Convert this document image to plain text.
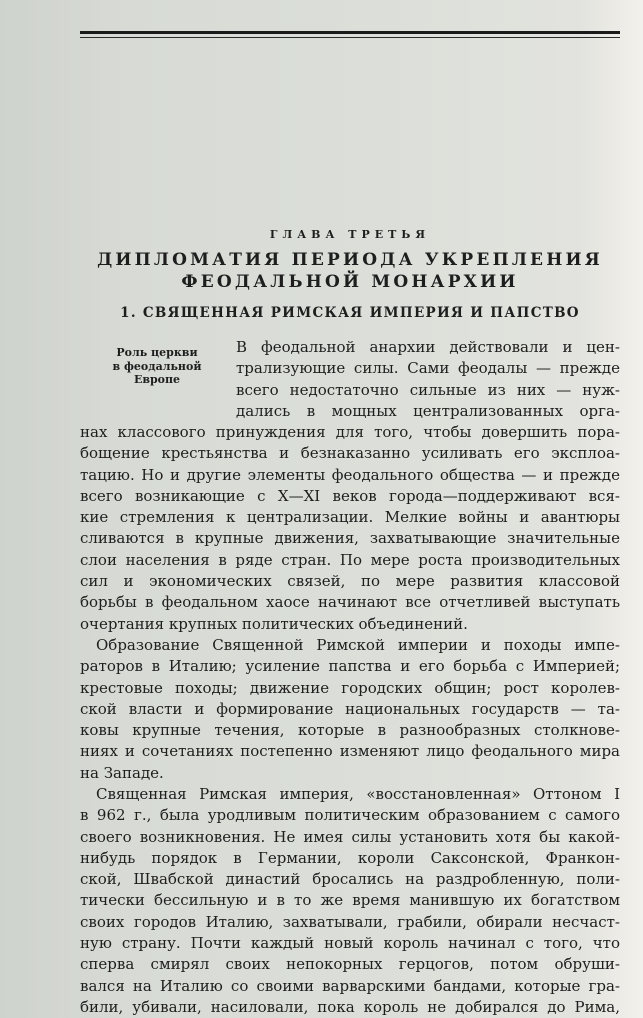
ГЛАВА ТРЕТЬЯ
ДИПЛОМАТИЯ ПЕРИОДА УКРЕПЛЕНИЯ
ФЕОДАЛЬНОЙ МОНАРХИИ
1. СВЯЩЕННАЯ РИМСКАЯ ИМПЕРИЯ И ПАПСТВО
Роль церкви
в феодальной
Европе
В феодальной анархии действовали и цен-
трализующие силы. Сами феодалы — прежде
всего недостаточно сильные из них — нуж-
дались в мощных централизованных орга-
нах классового принуждения для того, чтобы довершить пора-
бощение крестьянства и безнаказанно усиливать его эксплоа-
тацию. Но и другие элементы феодального общества — и прежде
всего возникающие с X—XI веков города—поддерживают вся-
кие стремления к централизации. Мелкие войны и авантюры
сливаются в крупные движения, захватывающие значительные
слои населения в ряде стран. По мере роста производительных
сил и экономических связей, по мере развития классовой
борьбы в феодальном хаосе начинают все отчетливей выступать
очертания крупных политических объединений.
Образование Священной Римской империи и походы импе-
раторов в Италию; усиление папства и его борьба с Империей;
крестовые походы; движение городских общин; рост королев-
ской власти и формирование национальных государств — та-
ковы крупные течения, которые в разнообразных столкнове-
ниях и сочетаниях постепенно изменяют лицо феодального мира
на Западе.
Священная Римская империя, «восстановленная» Оттоном I
в 962 г., была уродливым политическим образованием с самого
своего возникновения. Не имея силы установить хотя бы какой-
нибудь порядок в Германии, короли Саксонской, Франкон-
ской, Швабской династий бросались на раздробленную, поли-
тически бессильную и в то же время манившую их богатством
своих городов Италию, захватывали, грабили, обирали несчаст-
ную страну. Почти каждый новый король начинал с того, что
сперва смирял своих непокорных герцогов, потом обруши-
вался на Италию со своими варварскими бандами, которые гра-
били, убивали, насиловали, пока король не добирался до Рима,
